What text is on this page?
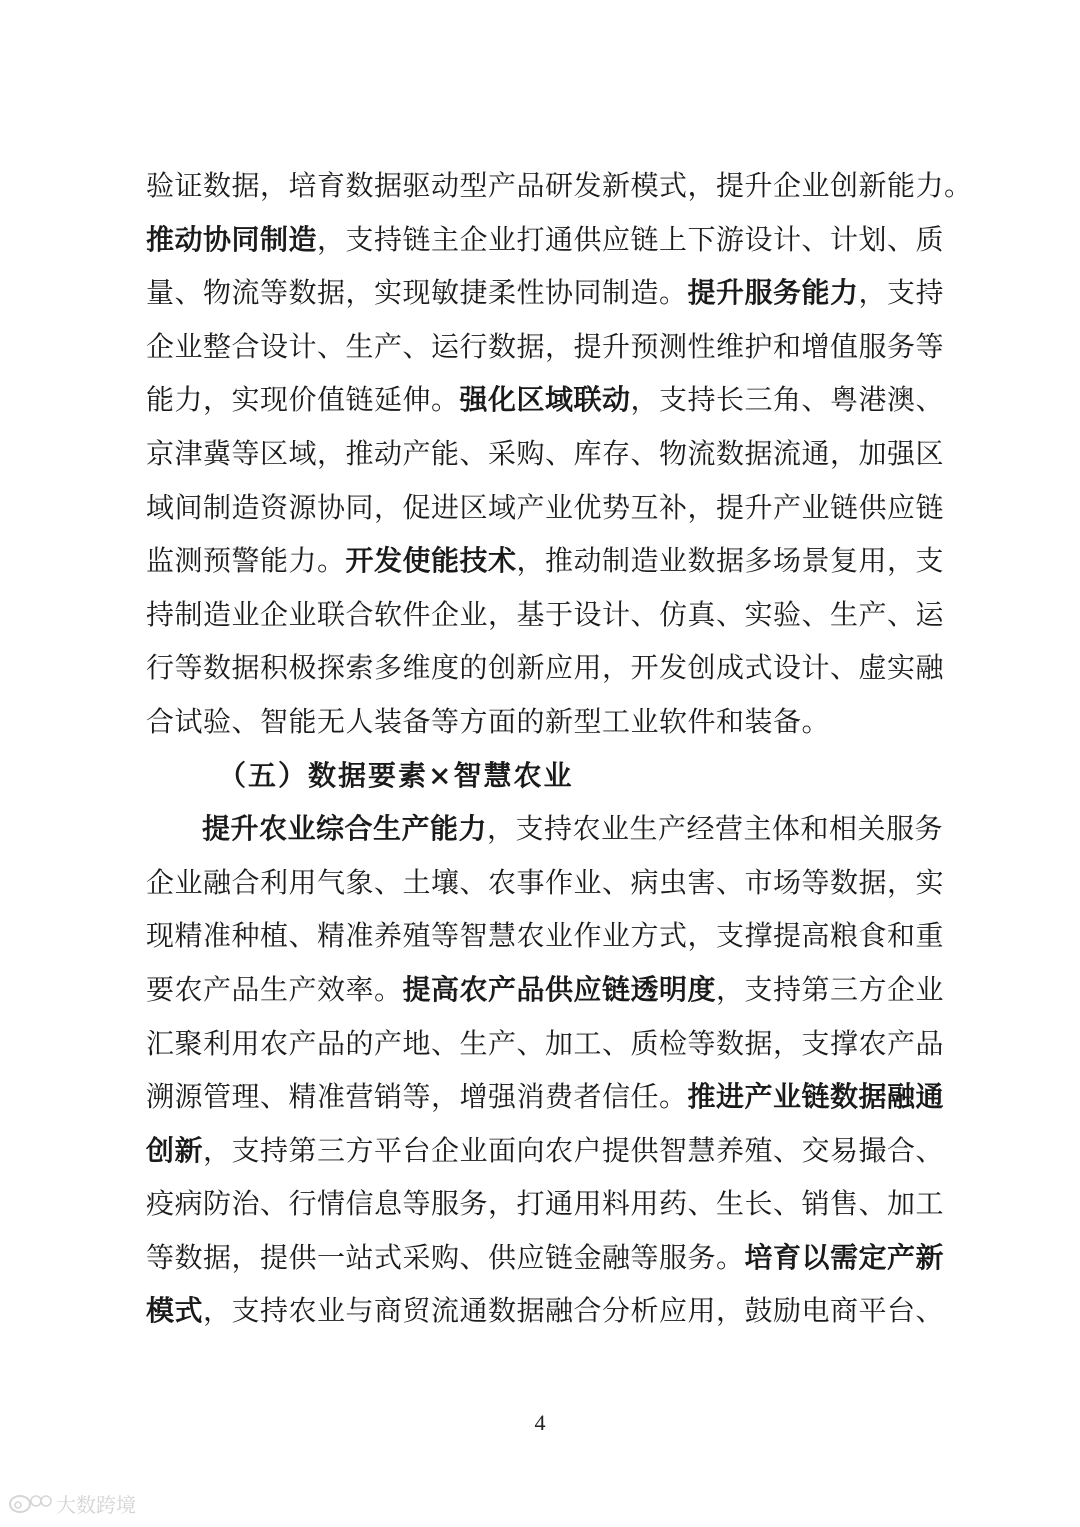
验证数据，培育数据驱动型产品研发新模式，提升企业创新能力。
推动协同制造，支持链主企业打通供应链上下游设计、计划、质
量、物流等数据，实现敏捷柔性协同制造。提升服务能力，支持
企业整合设计、生产、运行数据，提升预测性维护和增值服务等
能力，实现价值链延伸。强化区域联动，支持长三角、粤港澳、
京津冀等区域，推动产能、采购、库存、物流数据流通，加强区
域间制造资源协同，促进区域产业优势互补，提升产业链供应链
监测预警能力。开发使能技术，推动制造业数据多场景复用，支
持制造业企业联合软件企业，基于设计、仿真、实验、生产、运
行等数据积极探索多维度的创新应用，开发创成式设计、虚实融
合试验、智能无人装备等方面的新型工业软件和装备。
（五）数据要素×智慧农业
提升农业综合生产能力，支持农业生产经营主体和相关服务
企业融合利用气象、土壤、农事作业、病虫害、市场等数据，实
现精准种植、精准养殖等智慧农业作业方式，支撑提高粮食和重
要农产品生产效率。提高农产品供应链透明度，支持第三方企业
汇聚利用农产品的产地、生产、加工、质检等数据，支撑农产品
溯源管理、精准营销等，增强消费者信任。推进产业链数据融通
创新，支持第三方平台企业面向农户提供智慧养殖、交易撮合、
疫病防治、行情信息等服务，打通用料用药、生长、销售、加工
等数据，提供一站式采购、供应链金融等服务。培育以需定产新
模式，支持农业与商贸流通数据融合分析应用，鼓励电商平台、
4
大数跨境
